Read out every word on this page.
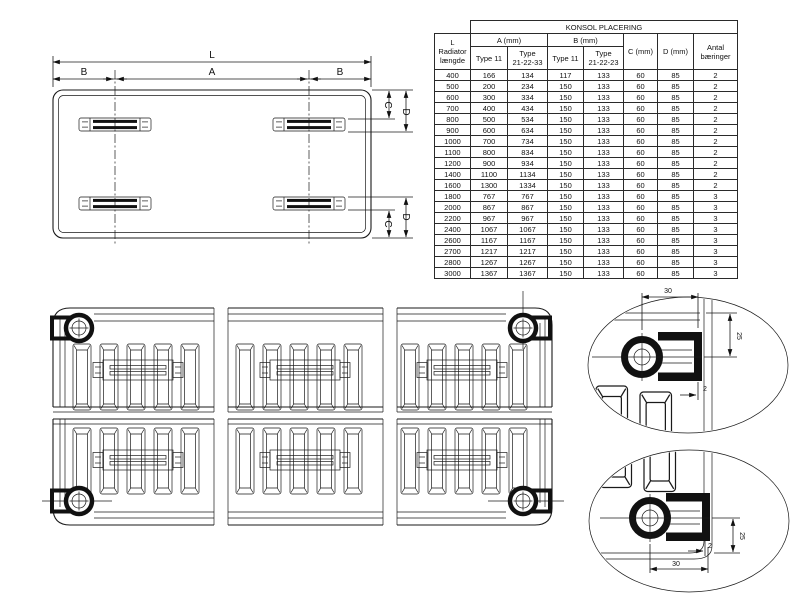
L
B	A	B
C
D
C
D
30
25
2
2
25
30
	KONSOL PLACERING						

L
Radiator
længde
	A (mm)	B (mm)	C (mm)	D (mm)	Antal
bæringer

Type 11	Type
21-22-33	Type 11	Type
21-22-23

400	166	134	117	133	60	85	2
500	200	234	150	133	60	85	2
600	300	334	150	133	60	85	2
700	400	434	150	133	60	85	2
800	500	534	150	133	60	85	2
900	600	634	150	133	60	85	2
1000	700	734	150	133	60	85	2
1100	800	834	150	133	60	85	2
1200	900	934	150	133	60	85	2
1400	1100	1134	150	133	60	85	2
1600	1300	1334	150	133	60	85	2
1800	767	767	150	133	60	85	3
2000	867	867	150	133	60	85	3
2200	967	967	150	133	60	85	3
2400	1067	1067	150	133	60	85	3
2600	1167	1167	150	133	60	85	3
2700	1217	1217	150	133	60	85	3
2800	1267	1267	150	133	60	85	3
3000	1367	1367	150	133	60	85	3
